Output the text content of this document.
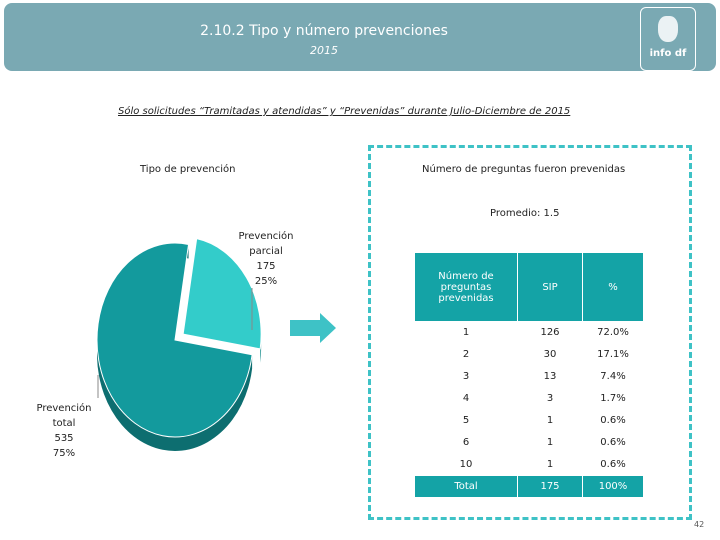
2.10.2 Tipo y número prevenciones
2015	info df
Sólo solicitudes “Tramitadas y atendidas” y “Prevenidas” durante Julio-Diciembre de 2015
Tipo de prevención	Número de preguntas fueron prevenidas
Promedio: 1.5
Prevención parcial
175
25%
Prevención total
535
75%
Número de preguntas prevenidas	SIP	%
1	126	72.0%
2	30	17.1%
3	13	7.4%
4	3	1.7%
5	1	0.6%
6	1	0.6%
10	1	0.6%
Total	175	100%
42
